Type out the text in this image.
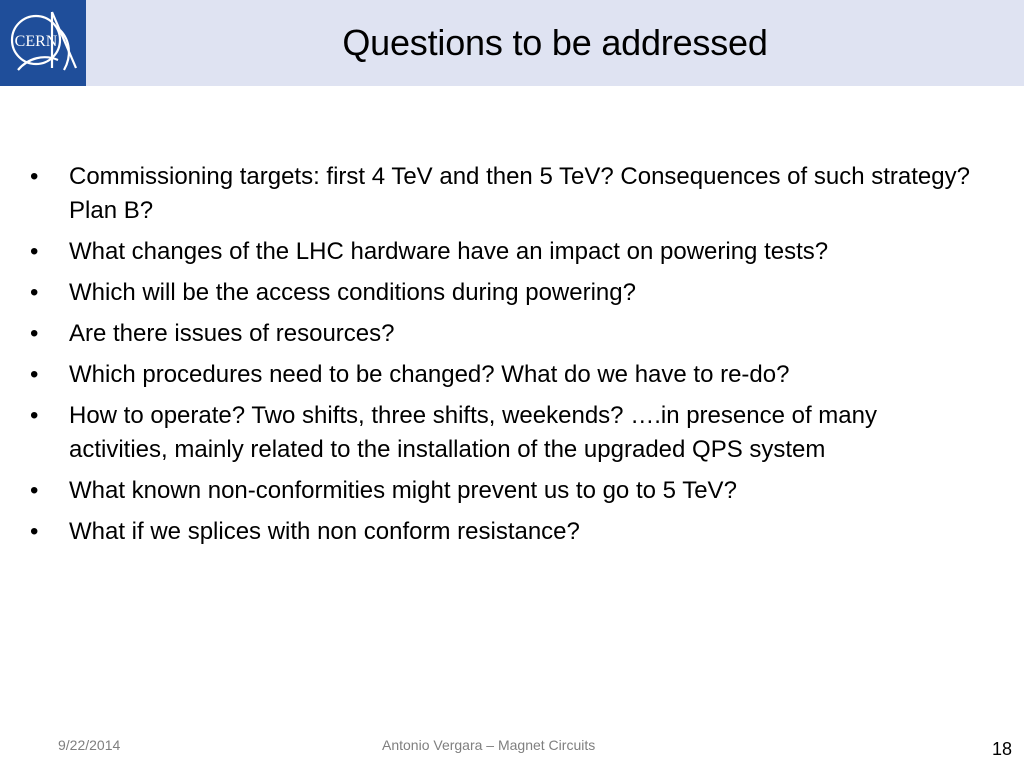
CERN	Questions to be addressed
•	Commissioning targets: first 4 TeV and then 5 TeV? Consequences of such strategy? Plan B?
•	What changes of the LHC hardware have an impact on powering tests?
•	Which will be the access conditions during powering?
•	Are there issues of resources?
•	Which procedures need to be changed? What do we have to re-do?
•	How to operate? Two shifts, three shifts, weekends? ….in presence of many activities, mainly related to the installation of the upgraded QPS system
•	What known non-conformities might prevent us to go to 5 TeV?
•	What if we splices with non conform resistance?
9/22/2014	Antonio Vergara – Magnet Circuits	18
